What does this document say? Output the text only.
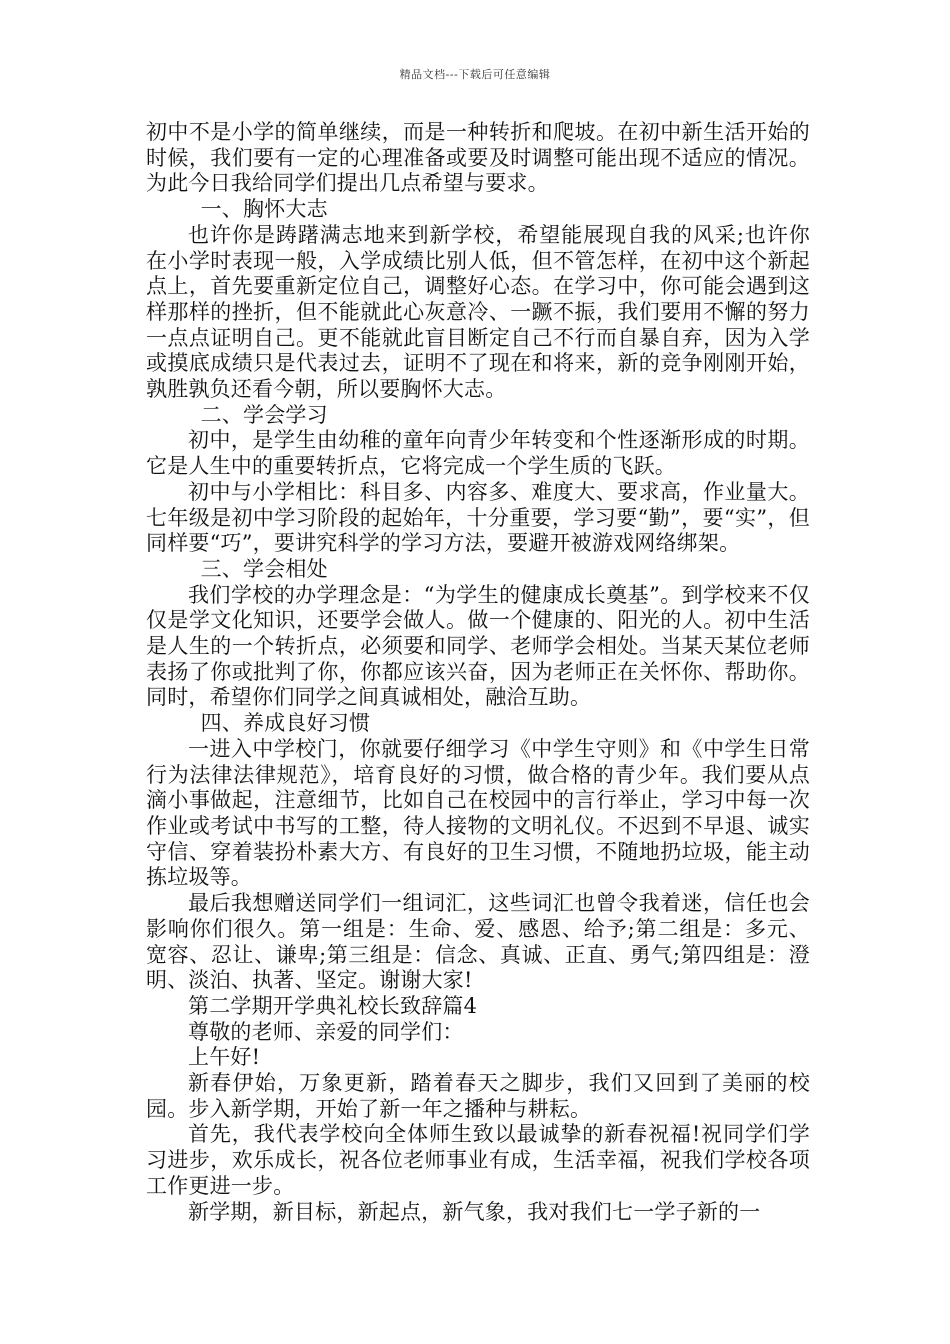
精品文档---下载后可任意编辑

初中不是小学的简单继续，而是一种转折和爬坡。在初中新生活开始的时候，我们要有一定的心理准备或要及时调整可能出现不适应的情况。为此今日我给同学们提出几点希望与要求。

一、胸怀大志

也许你是踌躇满志地来到新学校，希望能展现自我的风采;也许你在小学时表现一般，入学成绩比别人低，但不管怎样，在初中这个新起点上，首先要重新定位自己，调整好心态。在学习中，你可能会遇到这样那样的挫折，但不能就此心灰意冷、一蹶不振，我们要用不懈的努力一点点证明自己。更不能就此盲目断定自己不行而自暴自弃，因为入学或摸底成绩只是代表过去，证明不了现在和将来，新的竞争刚刚开始，孰胜孰负还看今朝，所以要胸怀大志。

二、学会学习

初中，是学生由幼稚的童年向青少年转变和个性逐渐形成的时期。它是人生中的重要转折点，它将完成一个学生质的飞跃。

初中与小学相比：科目多、内容多、难度大、要求高，作业量大。七年级是初中学习阶段的起始年，十分重要，学习要“勤”，要“实”，但同样要“巧”，要讲究科学的学习方法，要避开被游戏网络绑架。

三、学会相处

我们学校的办学理念是：“为学生的健康成长奠基”。到学校来不仅仅是学文化知识，还要学会做人。做一个健康的、阳光的人。初中生活是人生的一个转折点，必须要和同学、老师学会相处。当某天某位老师表扬了你或批判了你，你都应该兴奋，因为老师正在关怀你、帮助你。同时，希望你们同学之间真诚相处，融洽互助。

四、养成良好习惯

一进入中学校门，你就要仔细学习《中学生守则》和《中学生日常行为法律法律规范》，培育良好的习惯，做合格的青少年。我们要从点滴小事做起，注意细节，比如自己在校园中的言行举止，学习中每一次作业或考试中书写的工整，待人接物的文明礼仪。不迟到不早退、诚实守信、穿着装扮朴素大方、有良好的卫生习惯，不随地扔垃圾，能主动拣垃圾等。

最后我想赠送同学们一组词汇，这些词汇也曾令我着迷，信任也会影响你们很久。第一组是：生命、爱、感恩、给予;第二组是：多元、宽容、忍让、谦卑;第三组是：信念、真诚、正直、勇气;第四组是：澄明、淡泊、执著、坚定。谢谢大家!

第二学期开学典礼校长致辞篇4

尊敬的老师、亲爱的同学们：

上午好!

新春伊始，万象更新，踏着春天之脚步，我们又回到了美丽的校园。步入新学期，开始了新一年之播种与耕耘。

首先，我代表学校向全体师生致以最诚挚的新春祝福!祝同学们学习进步，欢乐成长，祝各位老师事业有成，生活幸福，祝我们学校各项工作更进一步。

新学期，新目标，新起点，新气象，我对我们七一学子新的一
